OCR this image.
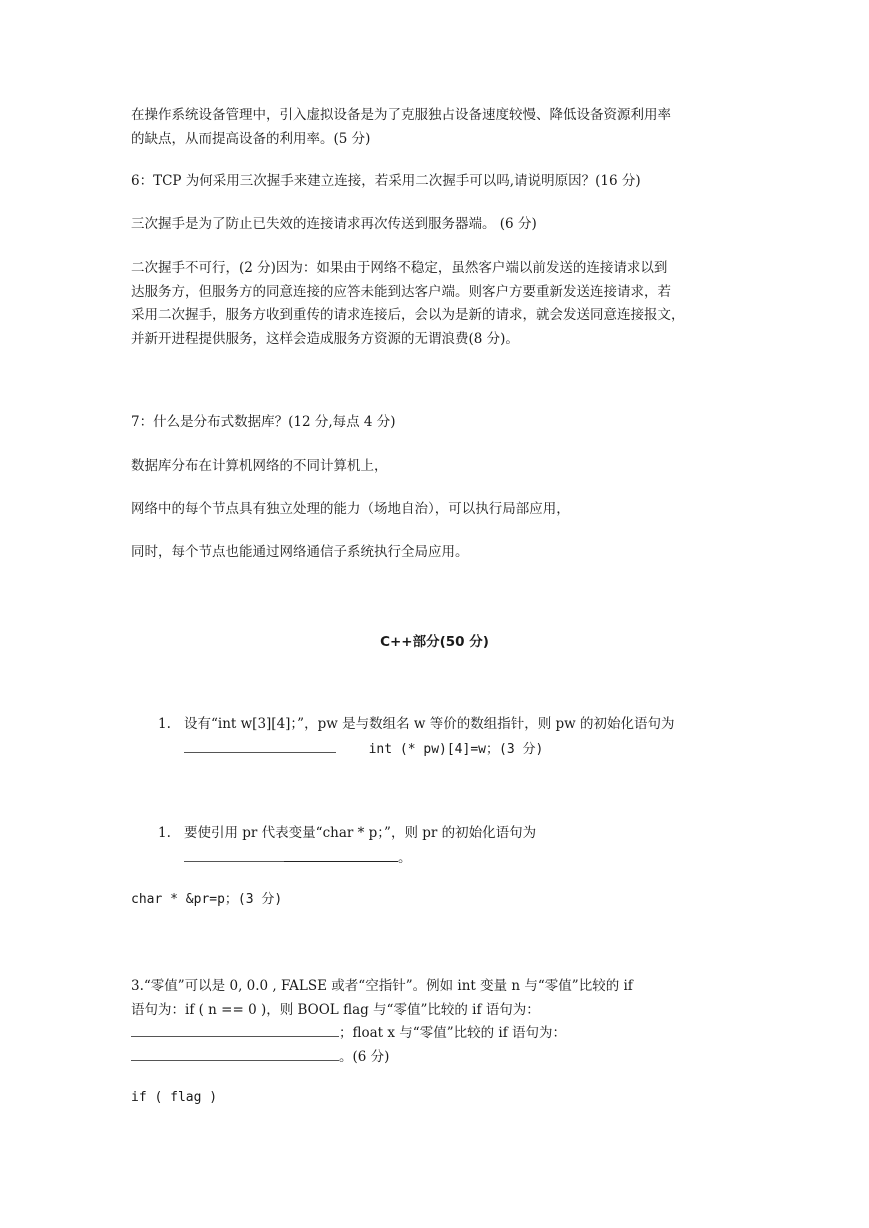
在操作系统设备管理中，引入虚拟设备是为了克服独占设备速度较慢、降低设备资源利用率
的缺点，从而提高设备的利用率。(5 分)
6：TCP 为何采用三次握手来建立连接，若采用二次握手可以吗,请说明原因？(16 分)
三次握手是为了防止已失效的连接请求再次传送到服务器端。 (6 分)
二次握手不可行，(2 分)因为：如果由于网络不稳定，虽然客户端以前发送的连接请求以到
达服务方，但服务方的同意连接的应答未能到达客户端。则客户方要重新发送连接请求，若
采用二次握手，服务方收到重传的请求连接后，会以为是新的请求，就会发送同意连接报文，
并新开进程提供服务，这样会造成服务方资源的无谓浪费(8 分)。
7：什么是分布式数据库？(12 分,每点 4 分)
数据库分布在计算机网络的不同计算机上，
网络中的每个节点具有独立处理的能力（场地自治），可以执行局部应用，
同时，每个节点也能通过网络通信子系统执行全局应用。
C++部分(50 分)
1. 设有“int w[3][4]；”，pw 是与数组名 w 等价的数组指针，则 pw 的初始化语句为
int (* pw)[4]=w；(3 分)
1. 要使引用 pr 代表变量“char * p；”，则 pr 的初始化语句为
。
char * &pr=p；(3 分)
3.“零值”可以是 0, 0.0 , FALSE 或者“空指针”。例如 int 变量 n 与“零值”比较的 if
语句为：if ( n == 0 )，则 BOOL flag 与“零值”比较的 if 语句为：
；float x 与“零值”比较的 if 语句为：
。(6 分)
if ( flag )
